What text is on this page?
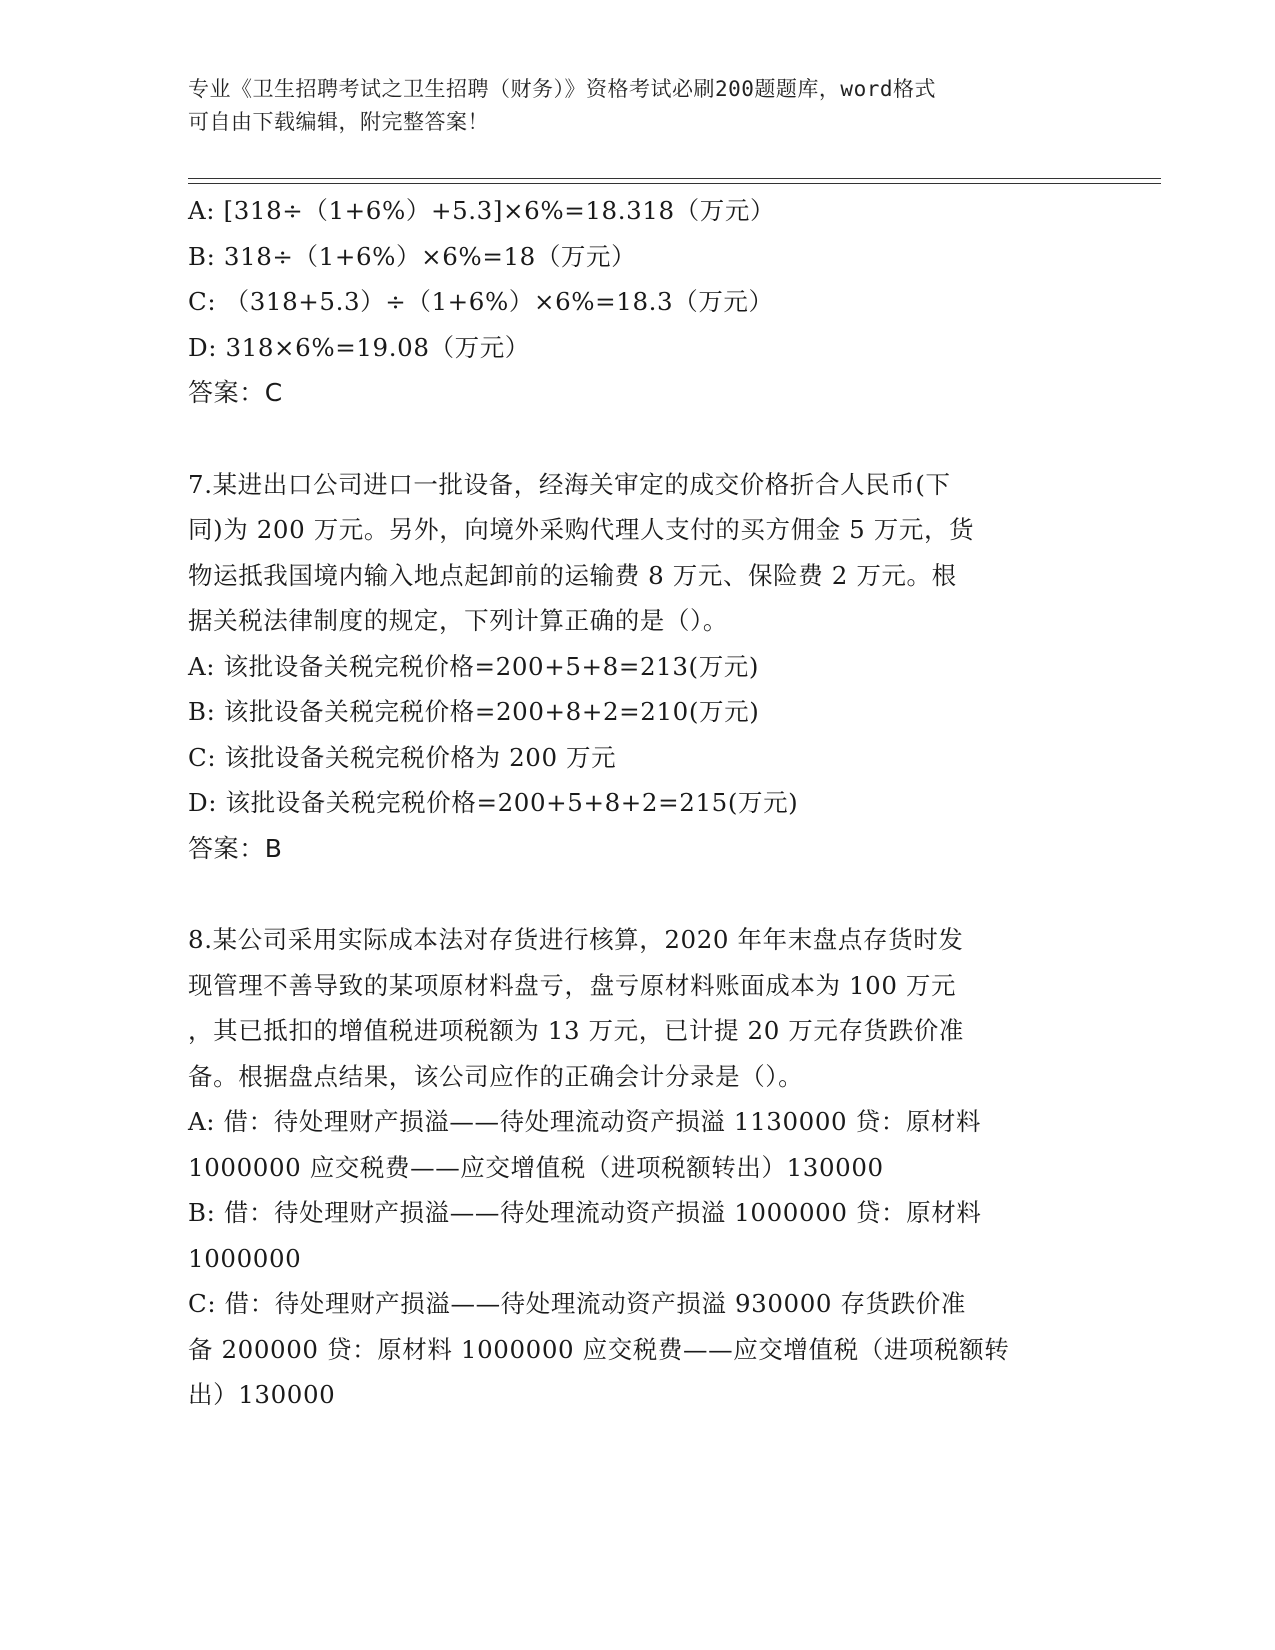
专业《卫生招聘考试之卫生招聘（财务）》资格考试必刷200题题库，word格式
可自由下载编辑，附完整答案！
A: [318÷（1+6%）+5.3]×6%=18.318（万元）
B: 318÷（1+6%）×6%=18（万元）
C: （318+5.3）÷（1+6%）×6%=18.3（万元）
D: 318×6%=19.08（万元）
答案：C
7.某进出口公司进口一批设备，经海关审定的成交价格折合人民币(下
同)为 200 万元。另外，向境外采购代理人支付的买方佣金 5 万元，货
物运抵我国境内输入地点起卸前的运输费 8 万元、保险费 2 万元。根
据关税法律制度的规定，下列计算正确的是（）。
A: 该批设备关税完税价格=200+5+8=213(万元)
B: 该批设备关税完税价格=200+8+2=210(万元)
C: 该批设备关税完税价格为 200 万元
D: 该批设备关税完税价格=200+5+8+2=215(万元)
答案：B
8.某公司采用实际成本法对存货进行核算，2020 年年末盘点存货时发
现管理不善导致的某项原材料盘亏，盘亏原材料账面成本为 100 万元
，其已抵扣的增值税进项税额为 13 万元，已计提 20 万元存货跌价准
备。根据盘点结果，该公司应作的正确会计分录是（）。
A: 借：待处理财产损溢——待处理流动资产损溢 1130000 贷：原材料
1000000 应交税费——应交增值税（进项税额转出）130000
B: 借：待处理财产损溢——待处理流动资产损溢 1000000 贷：原材料
1000000
C: 借：待处理财产损溢——待处理流动资产损溢 930000 存货跌价准
备 200000 贷：原材料 1000000 应交税费——应交增值税（进项税额转
出）130000
